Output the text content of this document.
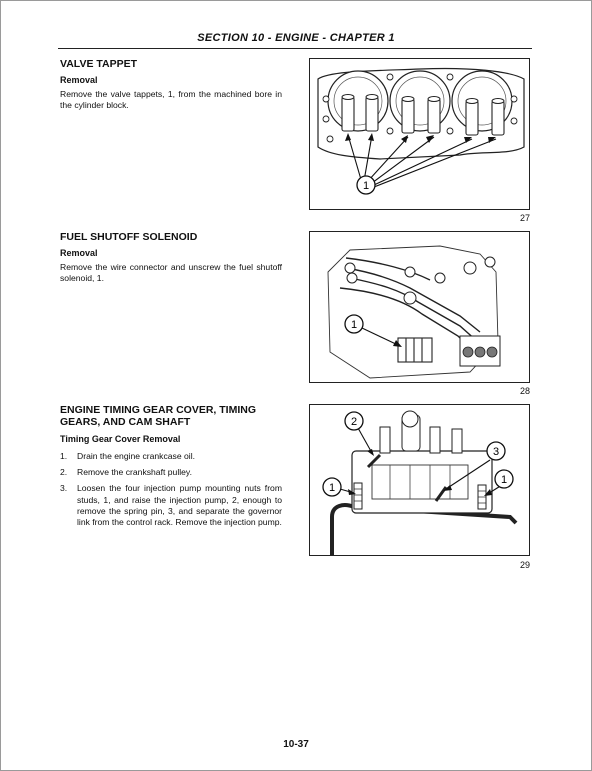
SECTION 10 - ENGINE - CHAPTER 1
VALVE TAPPET
Removal
Remove the valve tappets, 1, from the machined bore in the cylinder block.
1
27
FUEL SHUTOFF SOLENOID
Removal
Remove the wire connector and unscrew the fuel shutoff solenoid, 1.
1
28
ENGINE TIMING GEAR COVER, TIMING GEARS, AND CAM SHAFT
Timing Gear Cover Removal
1. Drain the engine crankcase oil.
2. Remove the crankshaft pulley.
3. Loosen the four injection pump mounting nuts from studs, 1, and raise the injection pump, 2, enough to remove the spring pin, 3, and separate the governor link from the control rack. Remove the injection pump.
2
3
1
1
29
10-37
